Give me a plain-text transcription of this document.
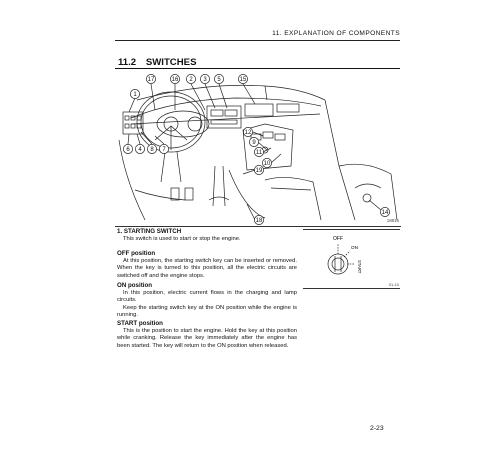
11. EXPLANATION OF COMPONENTS
11.2 SWITCHES
17	16 2 3 5	15
1
6 4 8 7
12
9
11
10
19
18
14
18816

1. STARTING SWITCH

This switch is used to start or stop the engine.

OFF position

At this position, the starting switch key can be inserted or removed. When the key is turned to this position, all the electric circuits are switched off and the engine stops.

ON position

In this position, electric current flows in the charging and lamp circuits.

Keep the starting switch key at the ON position while the engine is running.

START position

This is the position to start the engine. Hold the key at this position while cranking. Release the key immediately after the engine has been started. The key will return to the ON position when released.

OFF
ON
START
01-10
2-23
